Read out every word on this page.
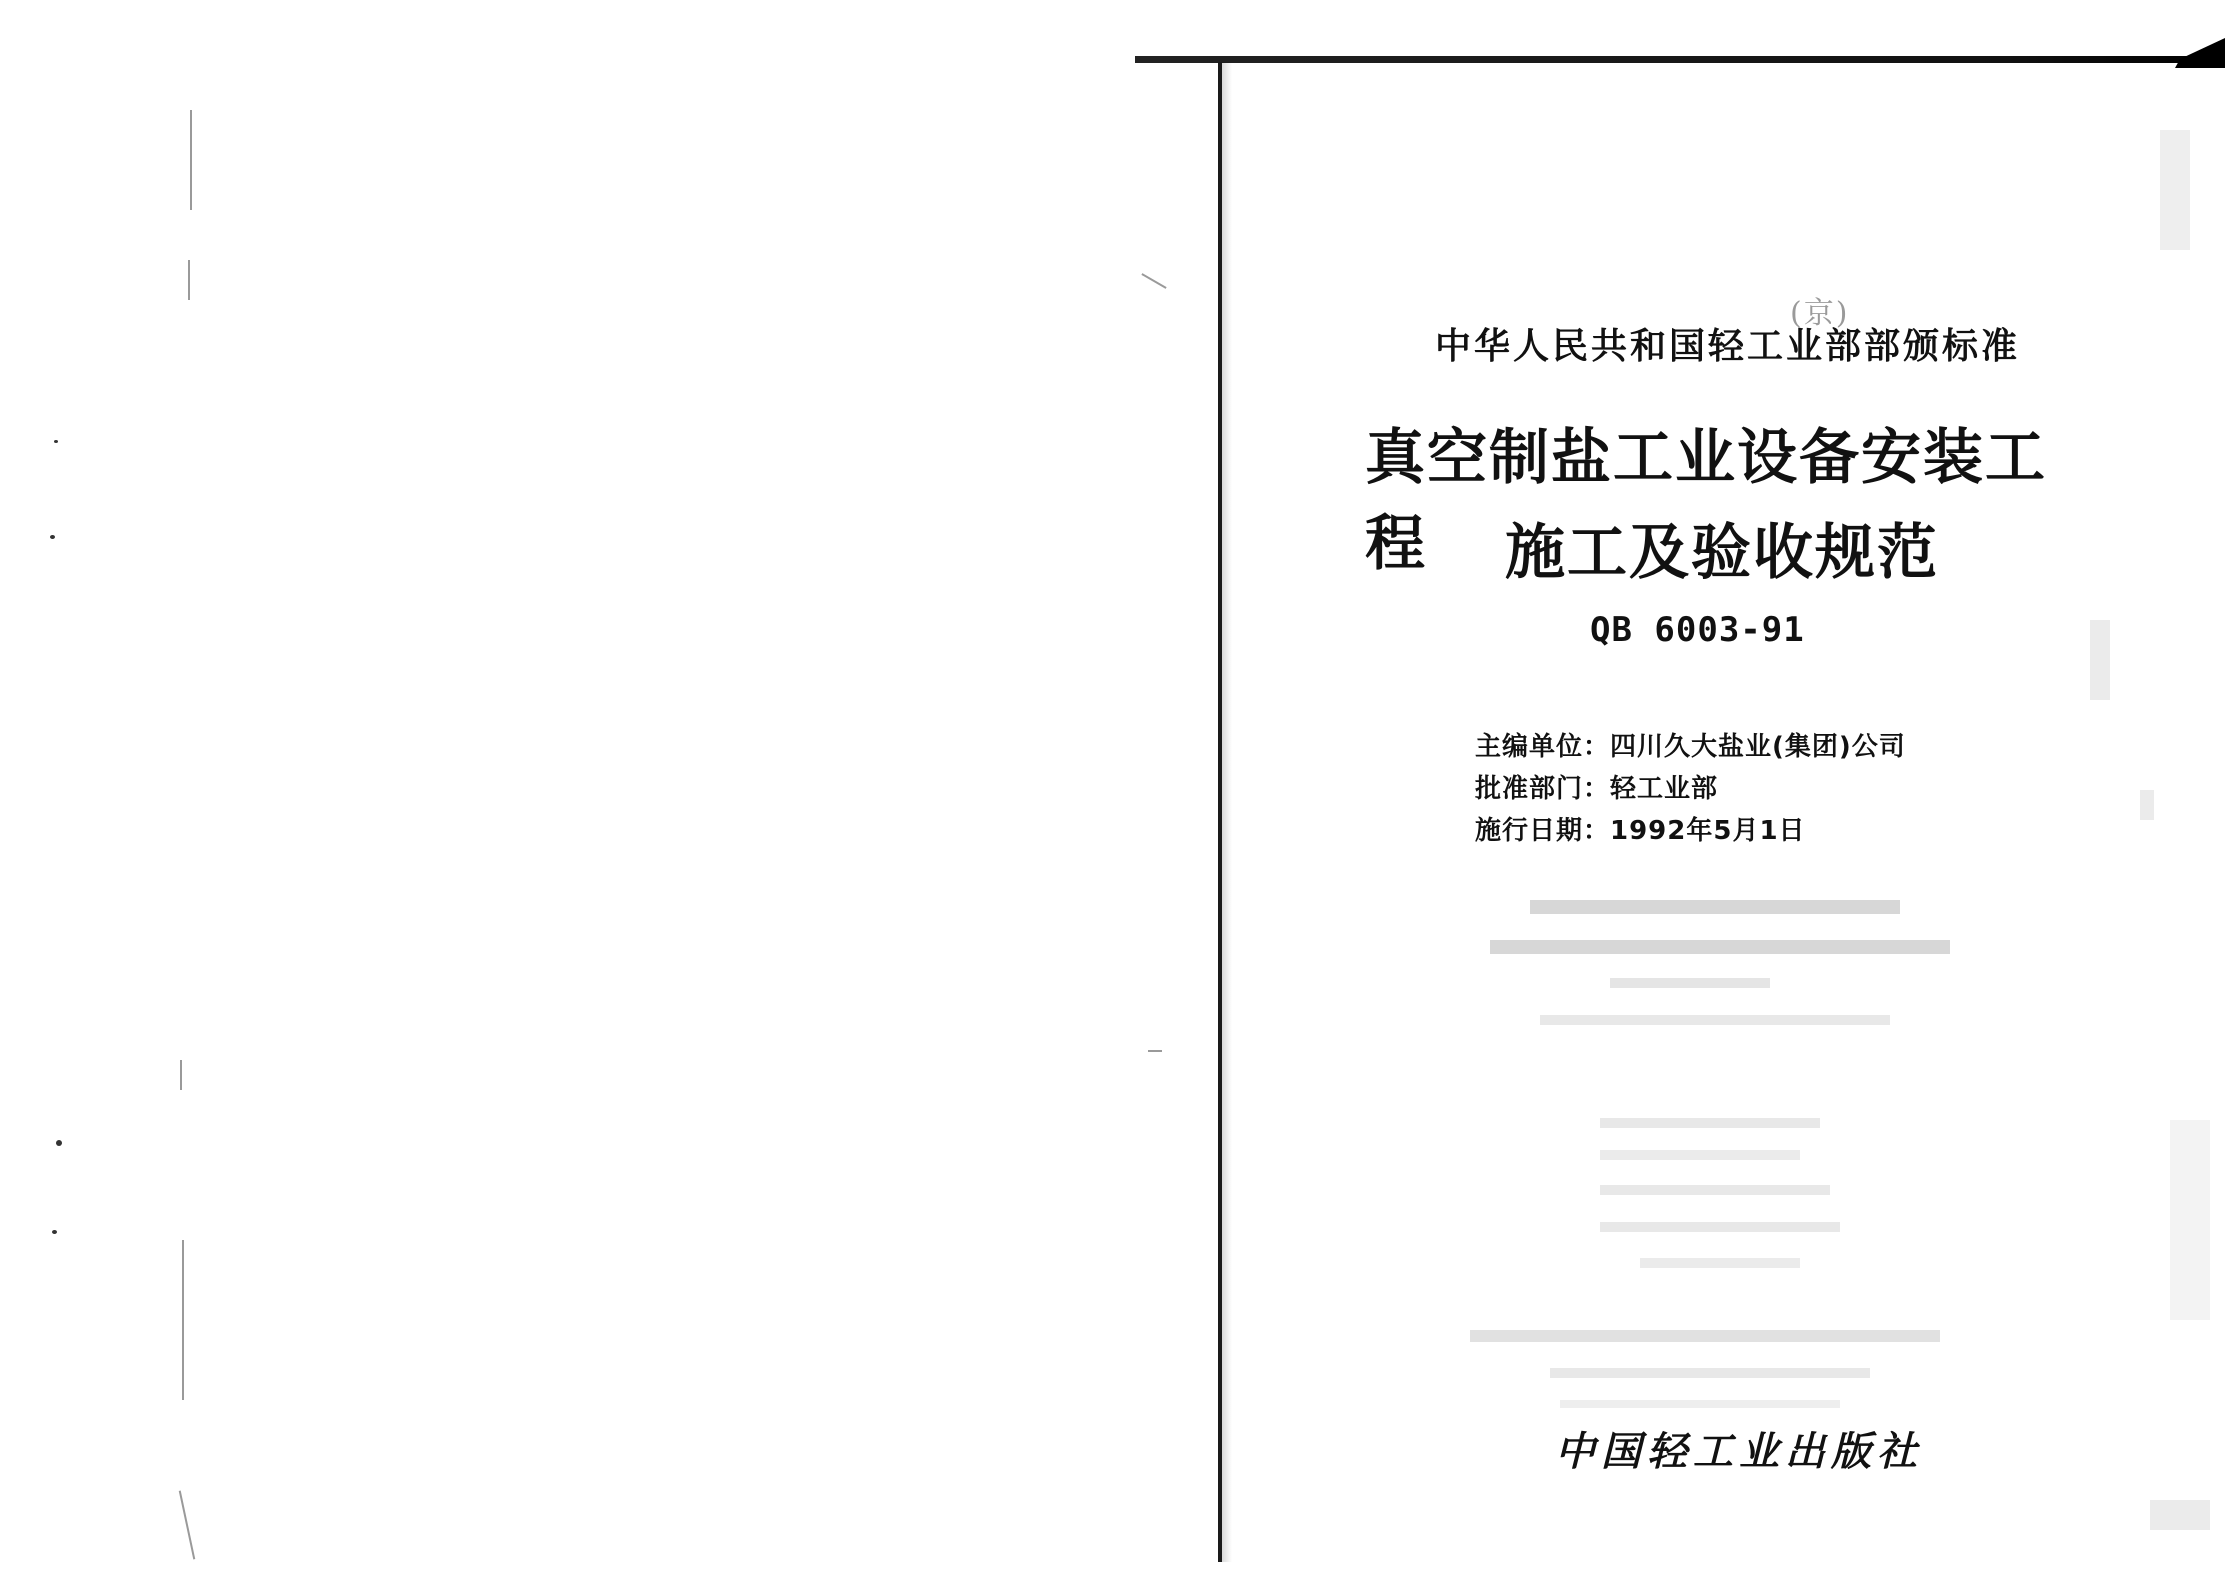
(京)
中华人民共和国轻工业部部颁标准
真空制盐工业设备安装工程	施工及验收规范
QB 6003-91
主编单位：四川久大盐业(集团)公司
批准部门：轻工业部
施行日期：1992年5月1日
中国轻工业出版社
